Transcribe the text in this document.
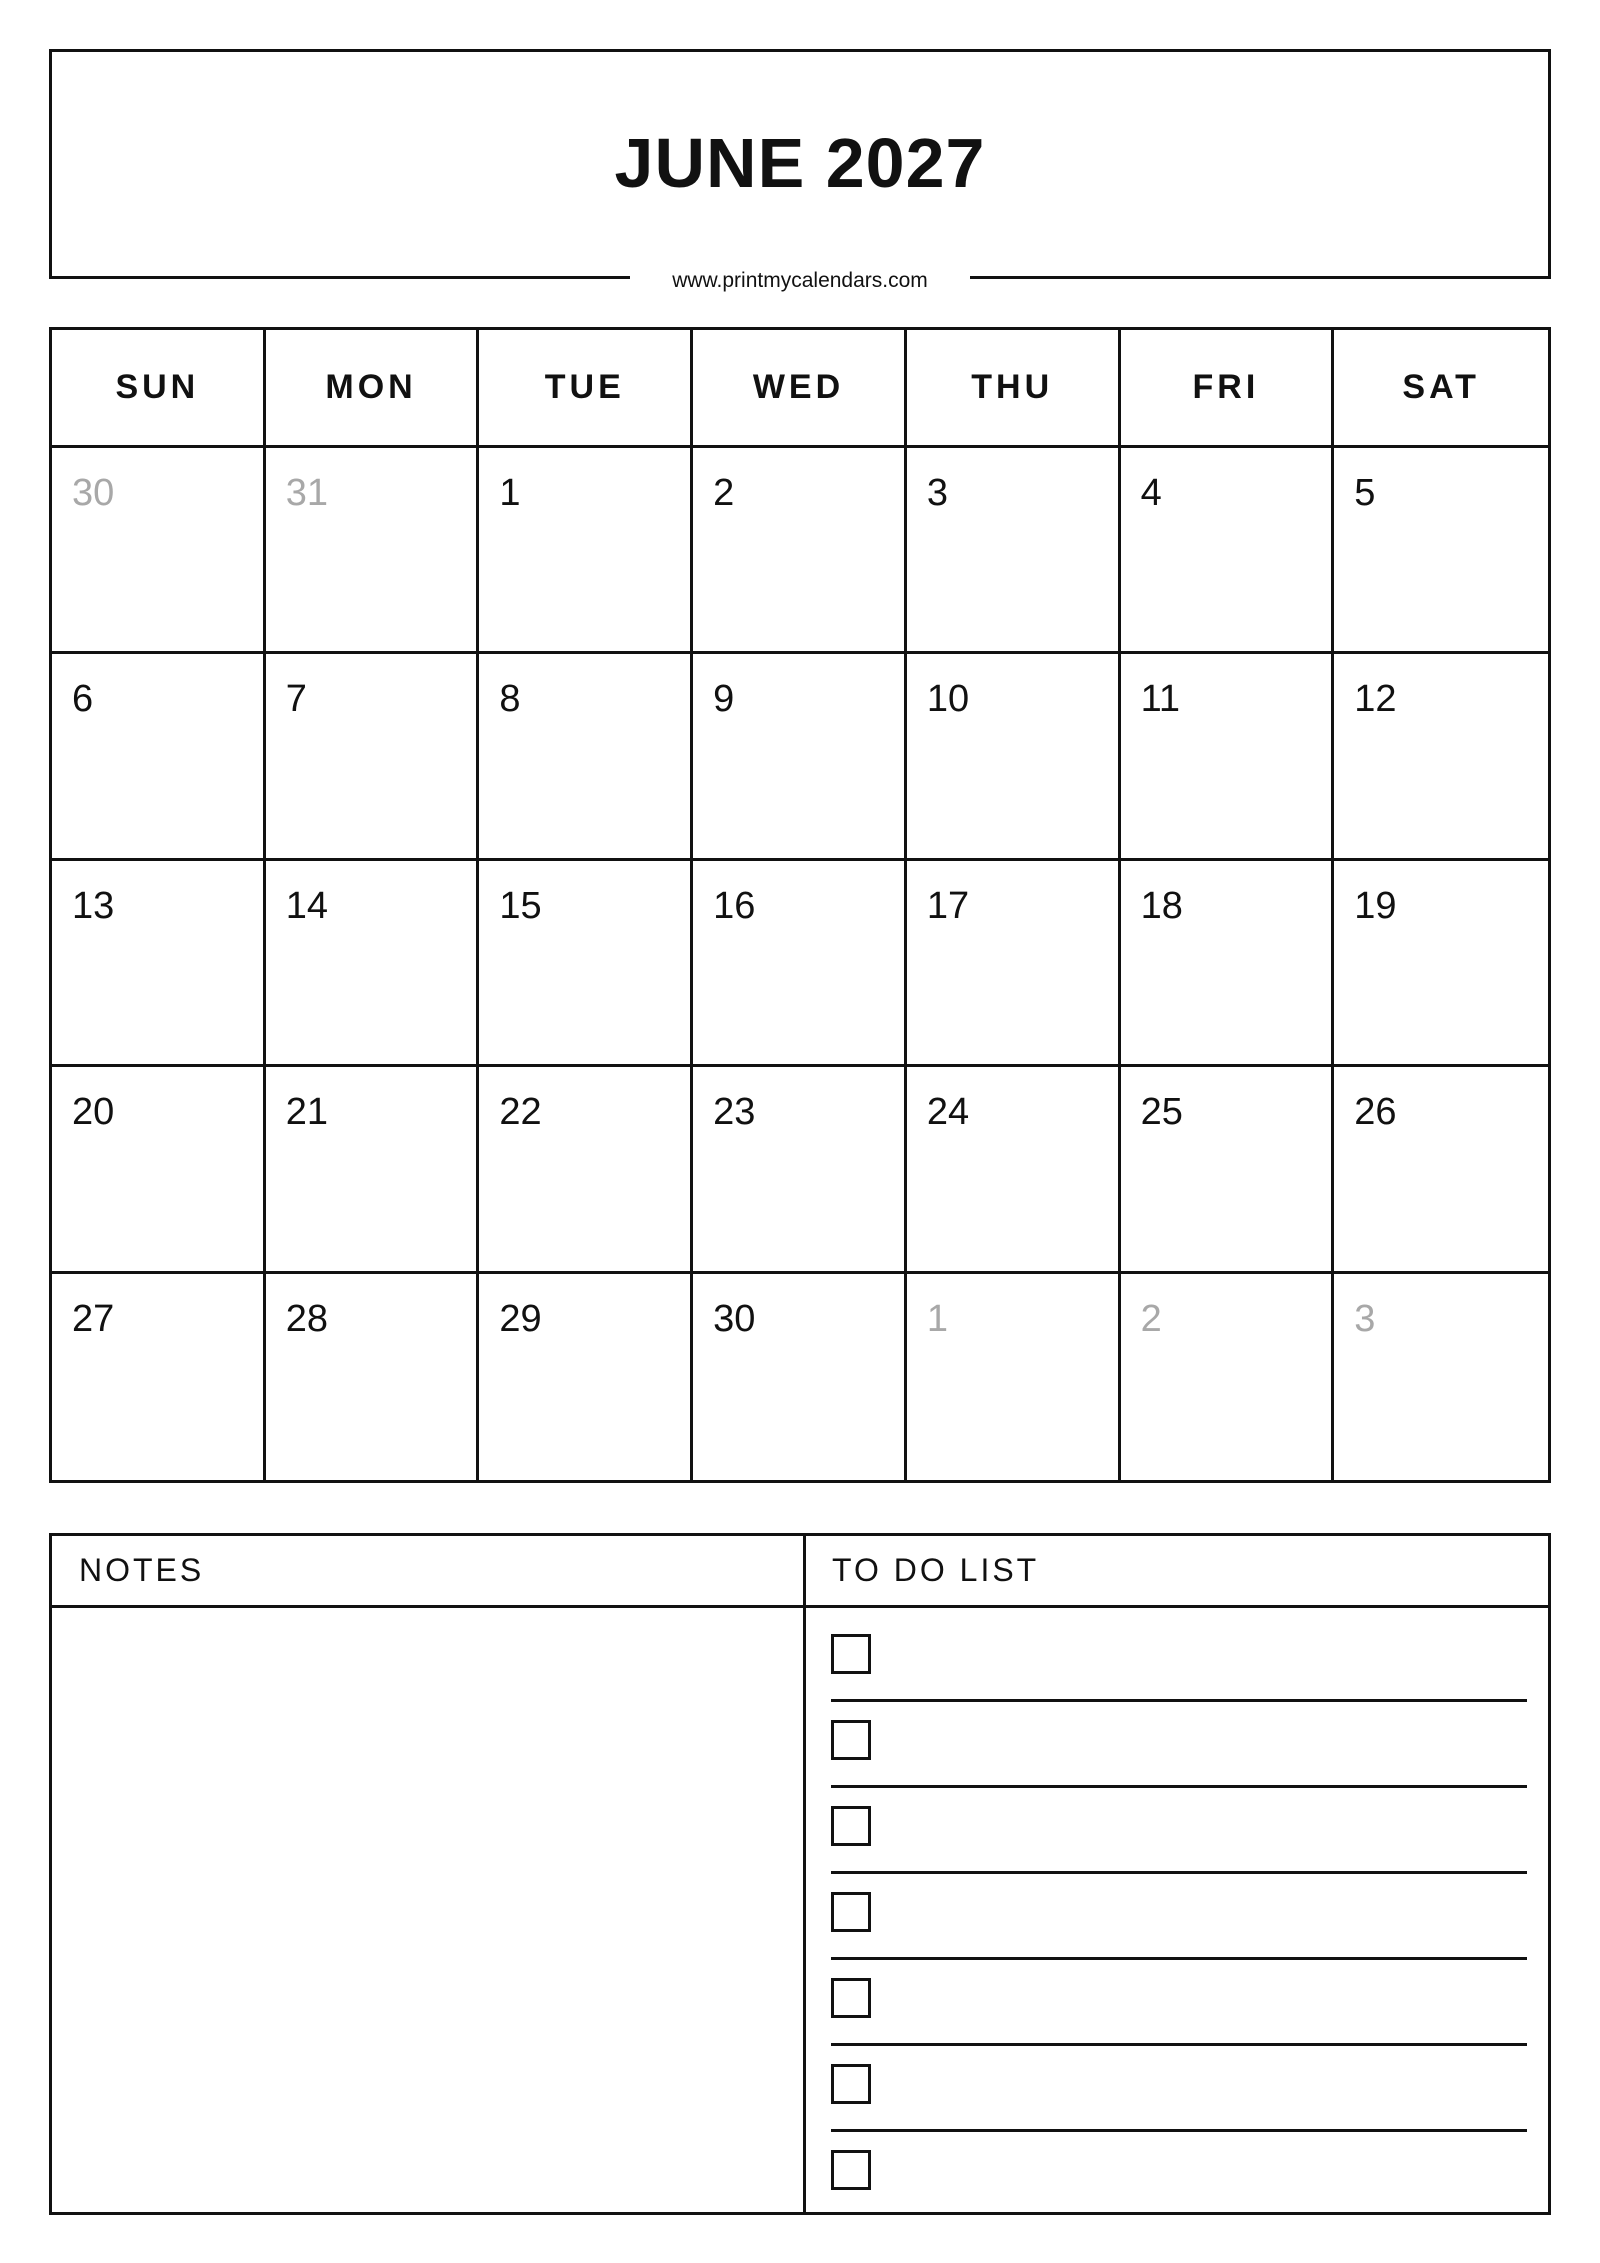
JUNE 2027
www.printmycalendars.com
SUN	MON	TUE	WED	THU	FRI	SAT
30	31	1	2	3	4	5
6	7	8	9	10	11	12
13	14	15	16	17	18	19
20	21	22	23	24	25	26
27	28	29	30	1	2	3
NOTES	TO DO LIST
